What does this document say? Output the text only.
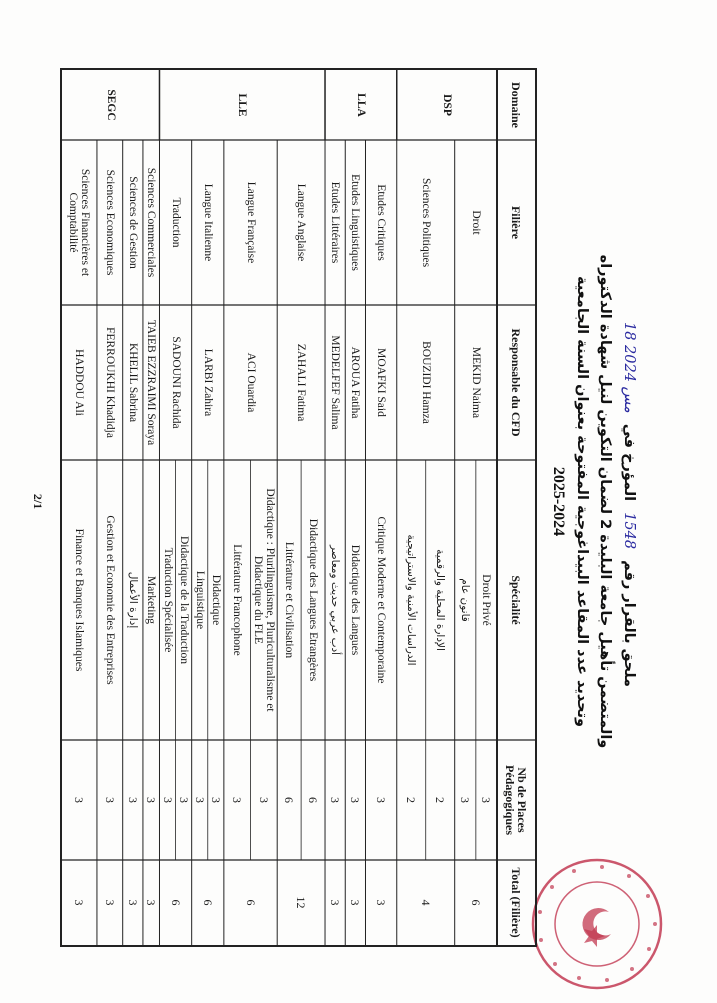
ملحق بالقرار رقم 1548 المؤرخ في 18 مس 2024
والمتضمن تأهيل جامعة البليدة 2 لضمان التكوين لنيل شهادة الدكتوراه
وتحديد عدد المقاعد البيداغوجية المفتوحة بعنوان السنة الجامعية
2025-2024
Domaine
Filière
Responsable du CFD
Spécialité
Nb de Places Pédagogiques
Total (Filière)
DSP
LLA
LLE
SEGC
Droit
MEKID Naima
6
Droit Privé
3
قانون عام
3
Sciences Politiques
BOUZIDI Hamza
4
الإدارة المحلية والرقمية
2
الدراسات الأمنية والاستراتيجية
2
Etudes Critiques
MOAFKI Said
3
Critique Moderne et Contemporaine
3
Etudes Linguistiques
AROUA Fatiha
3
Didactique des Langues
3
Etudes Littéraires
MEDELFEF Salima
3
أدب عربي حديث ومعاصر
3
Langue Anglaise
ZAHALI Fatima
12
Didactique des Langues Etrangères
6
Littérature et Civilisation
6
Langue Française
ACI Ouardia
6
Didactique : Plurilinguisme, Pluriculturalisme et Didactique du FLE
3
Littérature Francophone
3
Langue Italienne
LARBI Zahira
6
Didactique
3
Linguistique
3
Traduction
SADOUNI Rachida
6
Didactique de la Traduction
3
Traduction Spécialisée
3
Sciences Commerciales
TAIEB EZZRAIMI Soraya
3
Marketing
3
Sciences de Gestion
KHELIL Sabrina
3
إدارة الأعمال
3
Sciences Economiques
FERROUKHI Khadidja
3
Gestion et Economie des Entreprises
3
Sciences Financières et Comptabilité
HADDOU Ali
3
Finance et Banques Islamiques
3
2/1
